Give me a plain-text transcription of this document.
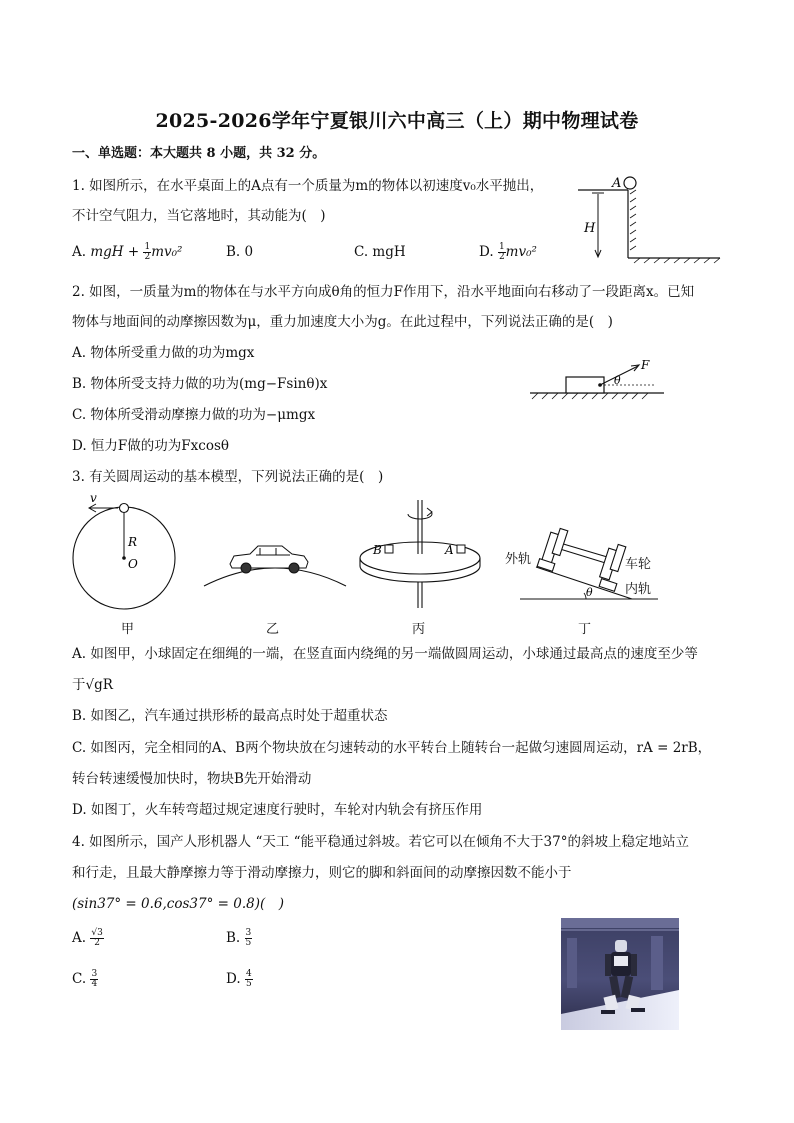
2025-2026学年宁夏银川六中高三（上）期中物理试卷
一、单选题：本大题共 8 小题，共 32 分。
1. 如图所示，在水平桌面上的A点有一个质量为m的物体以初速度v₀水平抛出，
不计空气阻力，当它落地时，其动能为(　)
A. mgH + $\frac{1}{2} mv_0^2$	B. 0	C. mgH	D. $\frac{1}{2} mv_0^2$
A
H
2. 如图，一质量为m的物体在与水平方向成θ角的恒力F作用下，沿水平地面向右移动了一段距离x。已知
物体与地面间的动摩擦因数为μ，重力加速度大小为g。在此过程中，下列说法正确的是(　)
A. 物体所受重力做的功为mgx
B. 物体所受支持力做的功为(mg−Fsinθ)x
C. 物体所受滑动摩擦力做的功为−μmgx
D. 恒力F做的功为Fxcosθ
F
θ
3. 有关圆周运动的基本模型，下列说法正确的是(　)
v
R
O
甲	乙
B	A
丙
θ
外轨	车轮
内轨
丁
A. 如图甲，小球固定在细绳的一端，在竖直面内绕绳的另一端做圆周运动，小球通过最高点的速度至少等
于√gR
B. 如图乙，汽车通过拱形桥的最高点时处于超重状态
C. 如图丙，完全相同的A、B两个物块放在匀速转动的水平转台上随转台一起做匀速圆周运动，rA = 2rB，
转台转速缓慢加快时，物块B先开始滑动
D. 如图丁，火车转弯超过规定速度行驶时，车轮对内轨会有挤压作用
4. 如图所示，国产人形机器人 “天工 “能平稳通过斜坡。若它可以在倾角不大于37°的斜坡上稳定地站立
和行走，且最大静摩擦力等于滑动摩擦力，则它的脚和斜面间的动摩擦因数不能小于
(sin37° = 0.6,cos37° = 0.8)(　)
A. $\frac{√3}{2}$	B. $\frac{3}{5}$
C. $\frac{3}{4}$	D. $\frac{4}{5}$
